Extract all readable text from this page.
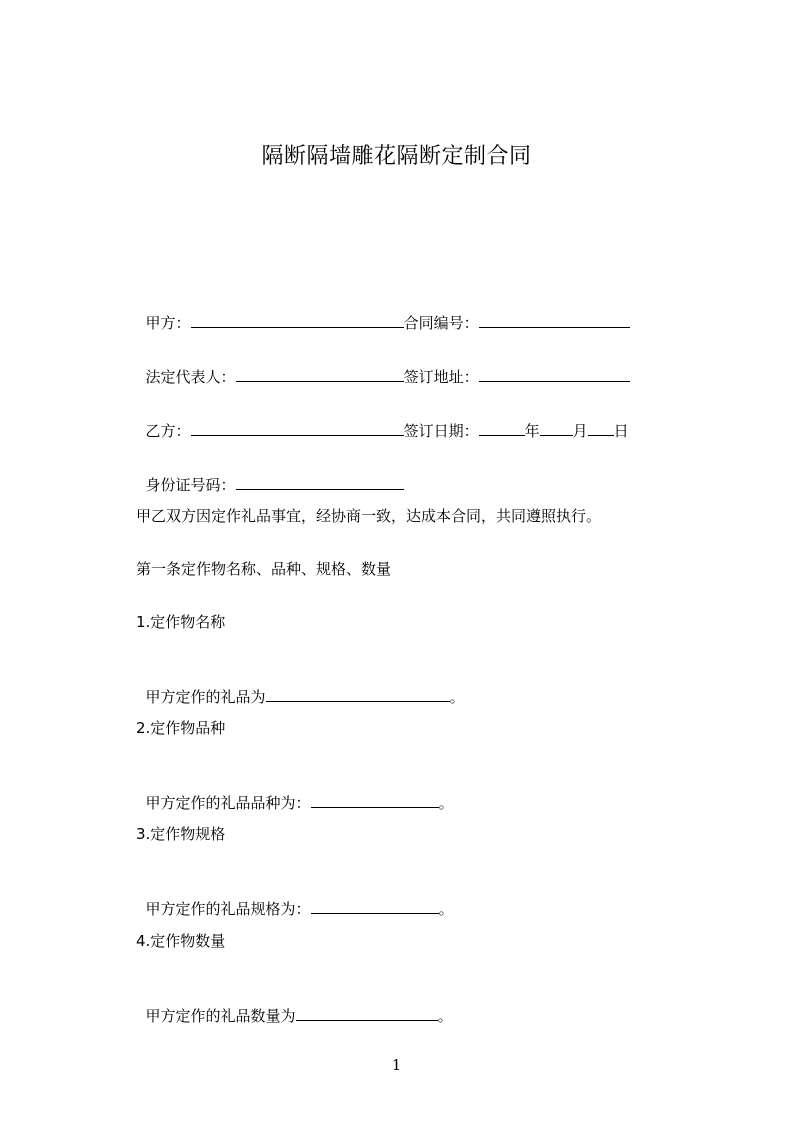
隔断隔墙雕花隔断定制合同

甲方：	合同编号：

法定代表人：	签订地址：

乙方：	签订日期：	年 月 日

身份证号码：

甲乙双方因定作礼品事宜，经协商一致，达成本合同，共同遵照执行。
第一条定作物名称、品种、规格、数量
1.定作物名称

甲方定作的礼品为	。

2.定作物品种

甲方定作的礼品品种为：	。

3.定作物规格

甲方定作的礼品规格为：	。

4.定作物数量

甲方定作的礼品数量为	。

1
